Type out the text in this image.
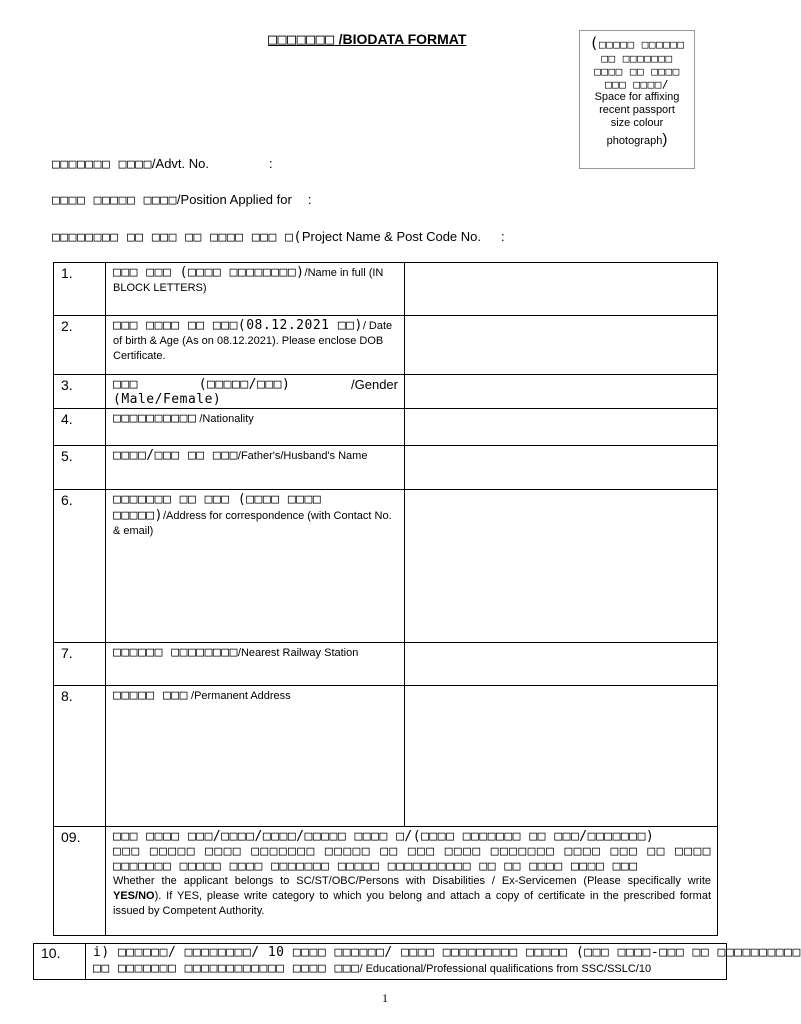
□□□□□□□ /BIODATA FORMAT	(□□□□□ □□□□□□
□□ □□□□□□□
□□□□ □□ □□□□
□□□ □□□□/
Space for affixing
recent passport
size colour
photograph)
□□□□□□□ □□□□/Advt. No.	:
□□□□ □□□□□ □□□□/Position Applied for :
□□□□□□□□ □□ □□□ □□ □□□□ □□□ □(Project Name & Post Code No. :
1.	□□□ □□□ (□□□□ □□□□□□□□)/Name in full (IN BLOCK LETTERS)	
2.	□□□ □□□□ □□ □□□(08.12.2021 □□)/ Date of birth & Age (As on 08.12.2021). Please enclose DOB Certificate.	
3.	□□□ (□□□□□/□□□) /Gender
(Male/Female)	

4.	□□□□□□□□□□ /Nationality	
5.	□□□□/□□□ □□ □□□/Father's/Husband's Name	
6.	□□□□□□□ □□ □□□ (□□□□ □□□□ □□□□□)/Address for correspondence (with Contact No. & email)	
7.	□□□□□□ □□□□□□□□/Nearest Railway Station	
8.	□□□□□ □□□ /Permanent Address	
09.	□□□ □□□□ □□□/□□□□/□□□□/□□□□□ □□□□ □/(□□□□ □□□□□□□ □□ □□□/□□□□□□□)
□□□ □□□□□ □□□□ □□□□□□□ □□□□□ □□ □□□ □□□□ □□□□□□□ □□□□ □□□ □□ □□□□ □□□□□□□ □□□□□ □□□□ □□□□□□□ □□□□□ □□□□□□□□□□ □□ □□ □□□□ □□□□ □□□
Whether the applicant belongs to SC/ST/OBC/Persons with Disabilities / Ex-Servicemen (Please specifically write YES/NO). If YES, please write category to which you belong and attach a copy of certificate in the prescribed format issued by Competent Authority.	
10.	i) □□□□□□/ □□□□□□□□/ 10 □□□□ □□□□□□/ □□□□ □□□□□□□□□ □□□□□ (□□□ □□□□-□□□ □□ □□□□□□□□□□
□□ □□□□□□□ □□□□□□□□□□□□ □□□□ □□□/ Educational/Professional qualifications from SSC/SSLC/10
1
